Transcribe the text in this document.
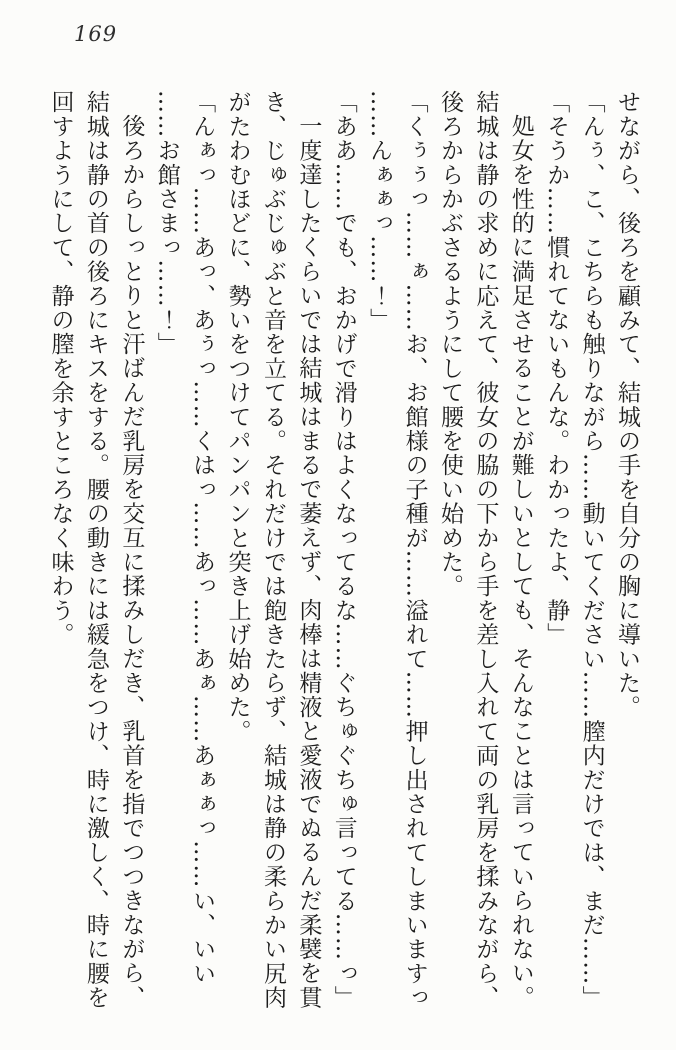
169

せながら、後ろを顧みて、結城の手を自分の胸に導いた。

「んぅ、こ、こちらも触りながら……動いてください……膣内だけでは、まだ……」

「そうか……慣れてないもんな。わかったよ、静」

処女を性的に満足させることが難しいとしても、そんなことは言っていられない。

結城は静の求めに応えて、彼女の脇の下から手を差し入れて両の乳房を揉みながら、

後ろからかぶさるようにして腰を使い始めた。

「くぅぅっ……ぁ……お、お館様の子種が……溢れて……押し出されてしまいますっ

……んぁぁっ……！」

「ああ……でも、おかげで滑りはよくなってるな……ぐちゅぐちゅ言ってる……っ」

一度達したくらいでは結城はまるで萎えず、肉棒は精液と愛液でぬるんだ柔襞を貫

き、じゅぶじゅぶと音を立てる。それだけでは飽きたらず、結城は静の柔らかい尻肉

がたわむほどに、勢いをつけてパンパンと突き上げ始めた。

「んぁっ……あっ、あぅっ……くはっ……あっ……あぁ……あぁぁっ……い、いい

……お館さまっ……！」

後ろからしっとりと汗ばんだ乳房を交互に揉みしだき、乳首を指でつつきながら、

結城は静の首の後ろにキスをする。腰の動きには緩急をつけ、時に激しく、時に腰を

回すようにして、静の膣を余すところなく味わう。
